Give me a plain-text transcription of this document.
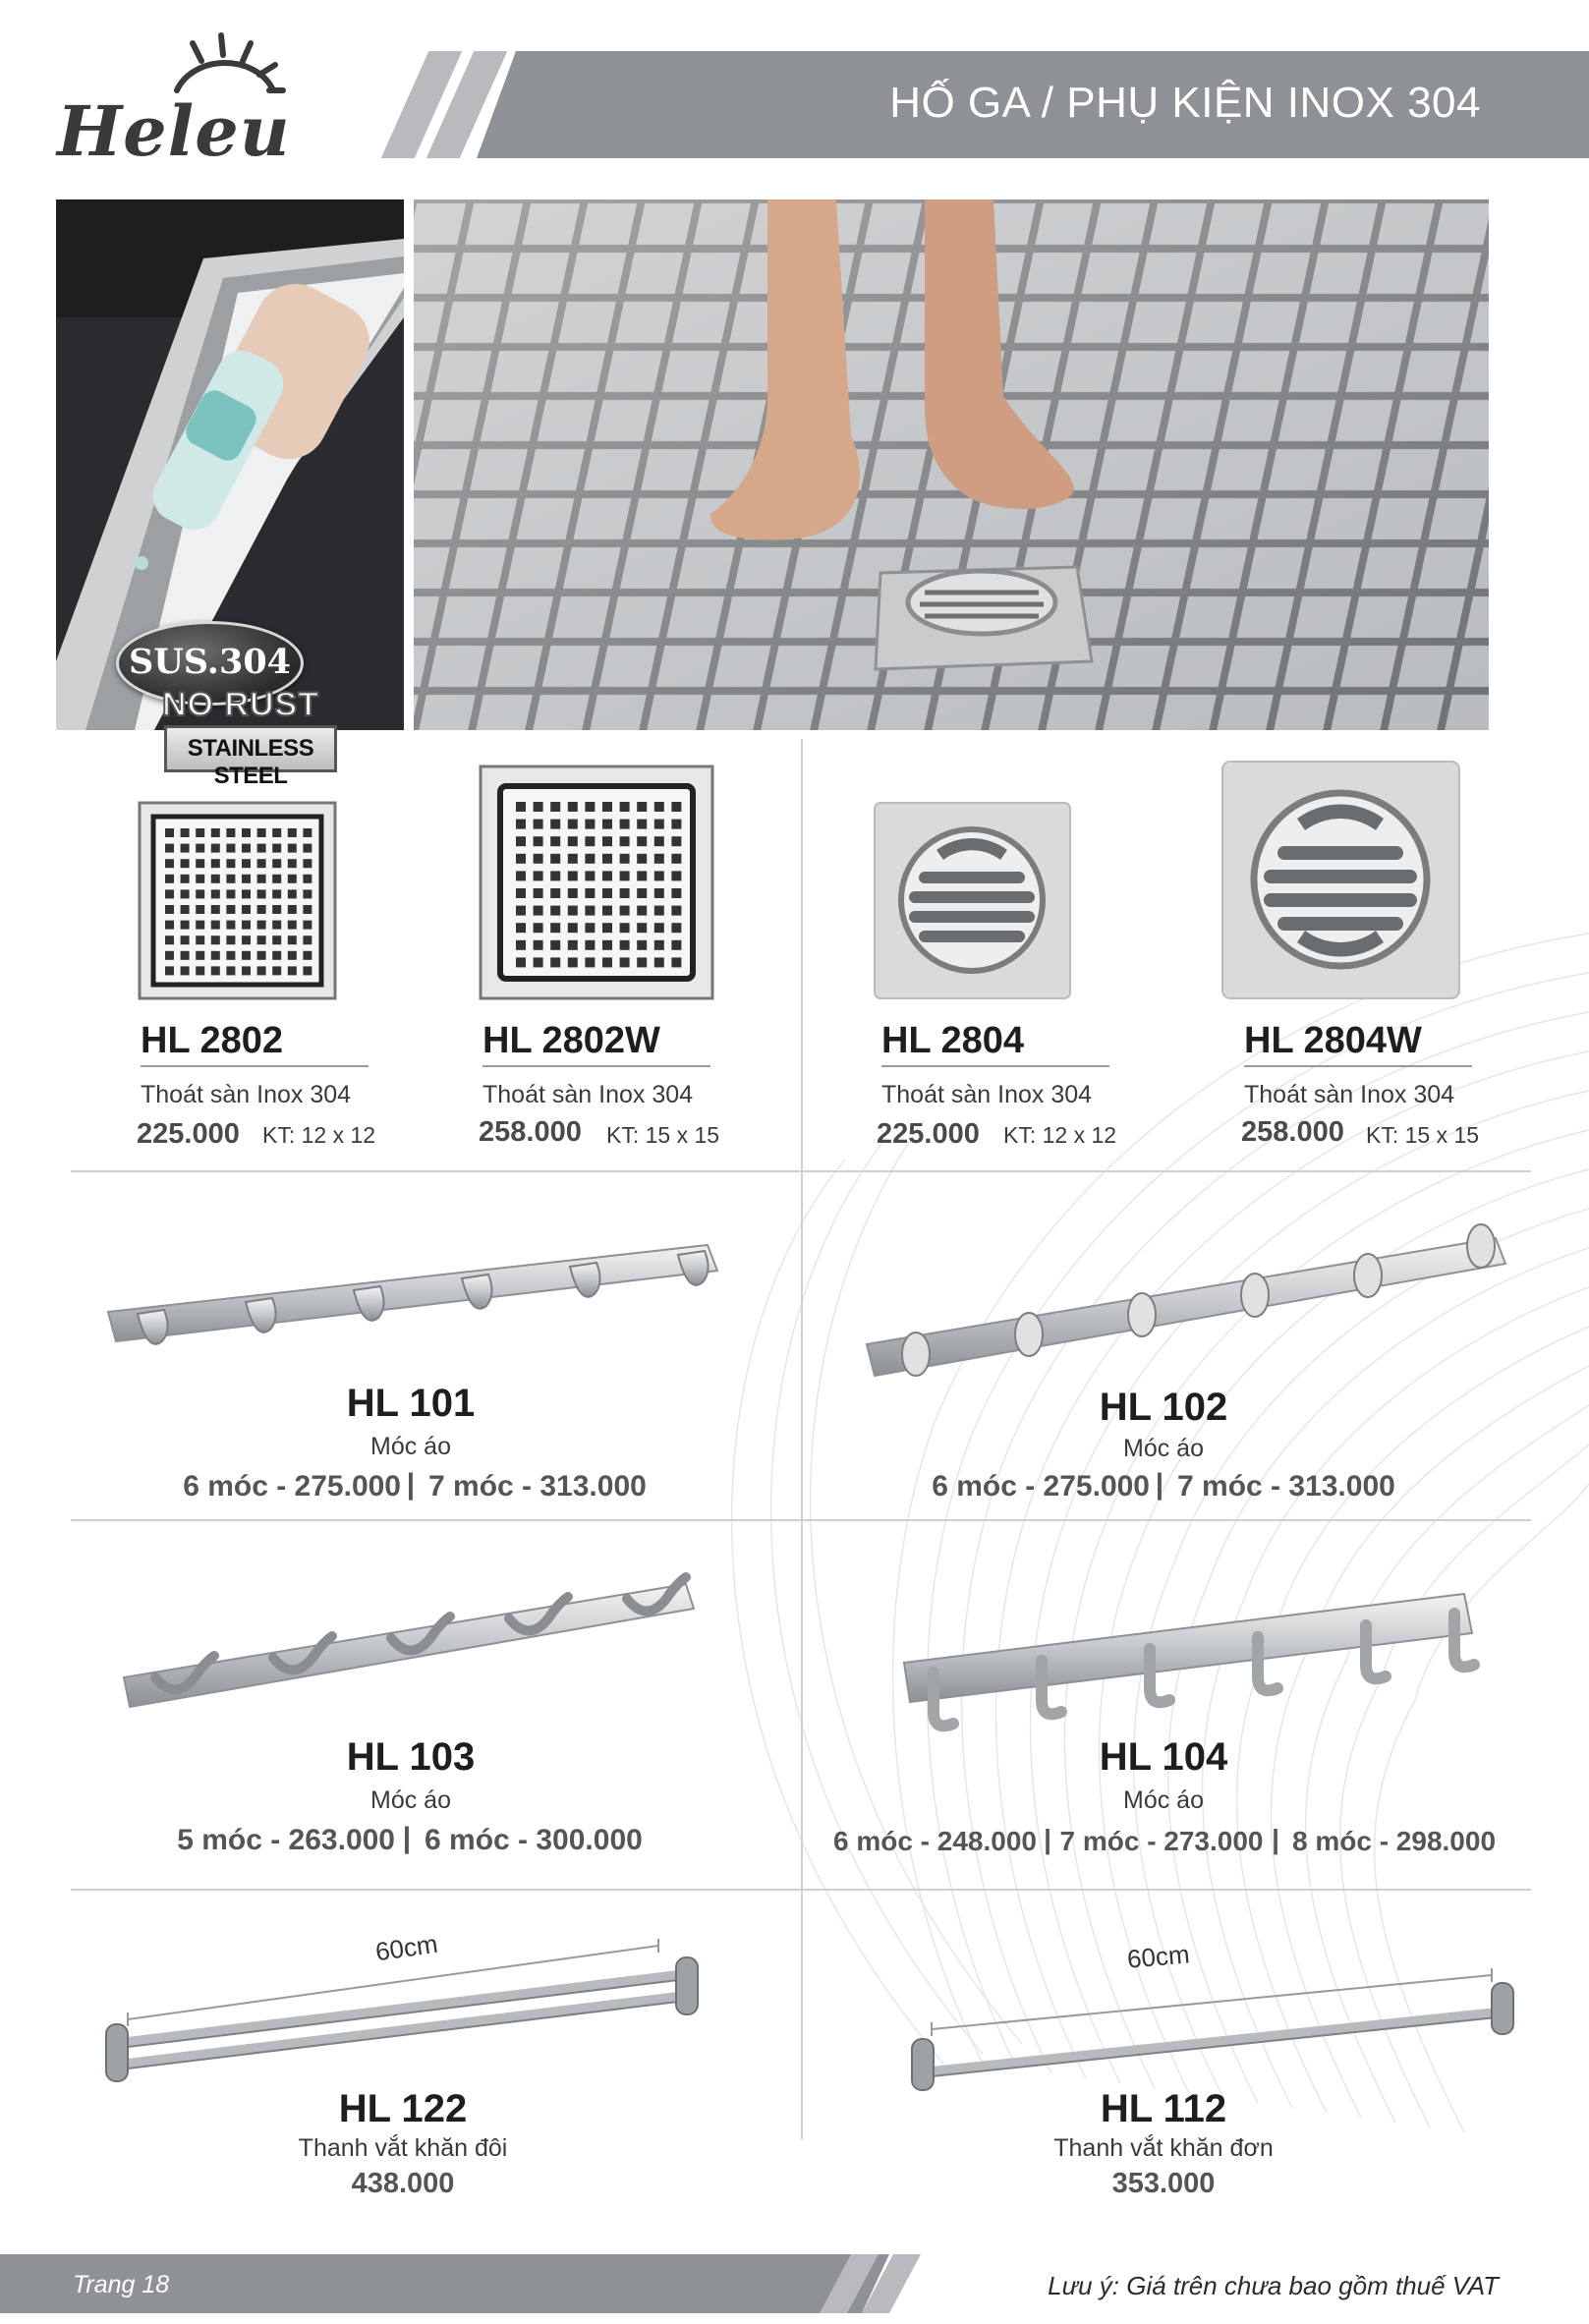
HỐ GA / PHỤ KIỆN INOX 304
Heleu
SUS.304
NO RUST
STAINLESS STEEL
HL 2802
Thoát sàn Inox 304
225.000 KT: 12 x 12
HL 2802W
Thoát sàn Inox 304
258.000 KT: 15 x 15
HL 2804
Thoát sàn Inox 304
225.000 KT: 12 x 12
HL 2804W
Thoát sàn Inox 304
258.000 KT: 15 x 15
HL 101
Móc áo
6 móc - 275.000 | 7 móc - 313.000
HL 102
Móc áo
6 móc - 275.000 | 7 móc - 313.000
HL 103
Móc áo
5 móc - 263.000 | 6 móc - 300.000
HL 104
Móc áo
6 móc - 248.000 | 7 móc - 273.000 | 8 móc - 298.000
60cm	60cm
HL 122
Thanh vắt khăn đôi
438.000
HL 112
Thanh vắt khăn đơn
353.000
Trang 18	Lưu ý: Giá trên chưa bao gồm thuế VAT
